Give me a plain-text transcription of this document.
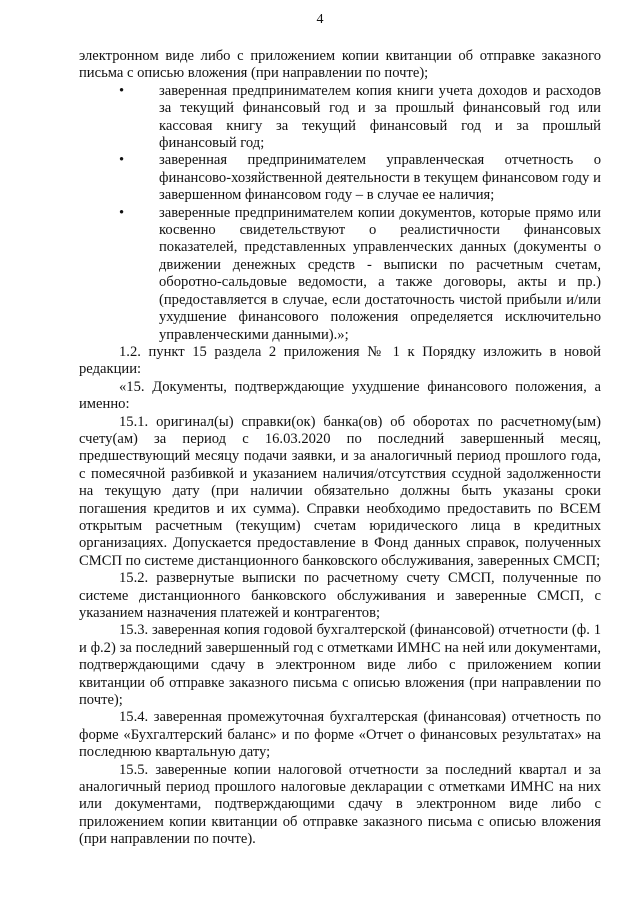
4

электронном виде либо с приложением копии квитанции об отправке заказного письма с описью вложения (при направлении по почте);

•	заверенная предпринимателем копия книги учета доходов и расходов за текущий финансовый год и за прошлый финансовый год или кассовая книгу за текущий финансовый год и за прошлый финансовый год;
•	заверенная предпринимателем управленческая отчетность о финансово-хозяйственной деятельности в текущем финансовом году и завершенном финансовом году – в случае ее наличия;
•	заверенные предпринимателем копии документов, которые прямо или косвенно свидетельствуют о реалистичности финансовых показателей, представленных управленческих данных (документы о движении денежных средств - выписки по расчетным счетам, оборотно-сальдовые ведомости, а также договоры, акты и пр.) (предоставляется в случае, если достаточность чистой прибыли и/или ухудшение финансового положения определяется исключительно управленческими данными).»;

1.2. пункт 15 раздела 2 приложения № 1 к Порядку изложить в новой редакции:

«15. Документы, подтверждающие ухудшение финансового положения, а именно:

15.1. оригинал(ы) справки(ок) банка(ов) об оборотах по расчетному(ым) счету(ам) за период с 16.03.2020 по последний завершенный месяц, предшествующий месяцу подачи заявки, и за аналогичный период прошлого года, с помесячной разбивкой и указанием наличия/отсутствия ссудной задолженности на текущую дату (при наличии обязательно должны быть указаны сроки погашения кредитов и их сумма). Справки необходимо предоставить по ВСЕМ открытым расчетным (текущим) счетам юридического лица в кредитных организациях. Допускается предоставление в Фонд данных справок, полученных СМСП по системе дистанционного банковского обслуживания, заверенных СМСП;

15.2. развернутые выписки по расчетному счету СМСП, полученные по системе дистанционного банковского обслуживания и заверенные СМСП, с указанием назначения платежей и контрагентов;

15.3. заверенная копия годовой бухгалтерской (финансовой) отчетности (ф. 1 и ф.2) за последний завершенный год с отметками ИМНС на ней или документами, подтверждающими сдачу в электронном виде либо с приложением копии квитанции об отправке заказного письма с описью вложения (при направлении по почте);

15.4. заверенная промежуточная бухгалтерская (финансовая) отчетность по форме «Бухгалтерский баланс» и по форме «Отчет о финансовых результатах» на последнюю квартальную дату;

15.5. заверенные копии налоговой отчетности за последний квартал и за аналогичный период прошлого налоговые декларации с отметками ИМНС на них или документами, подтверждающими сдачу в электронном виде либо с приложением копии квитанции об отправке заказного письма с описью вложения (при направлении по почте).
